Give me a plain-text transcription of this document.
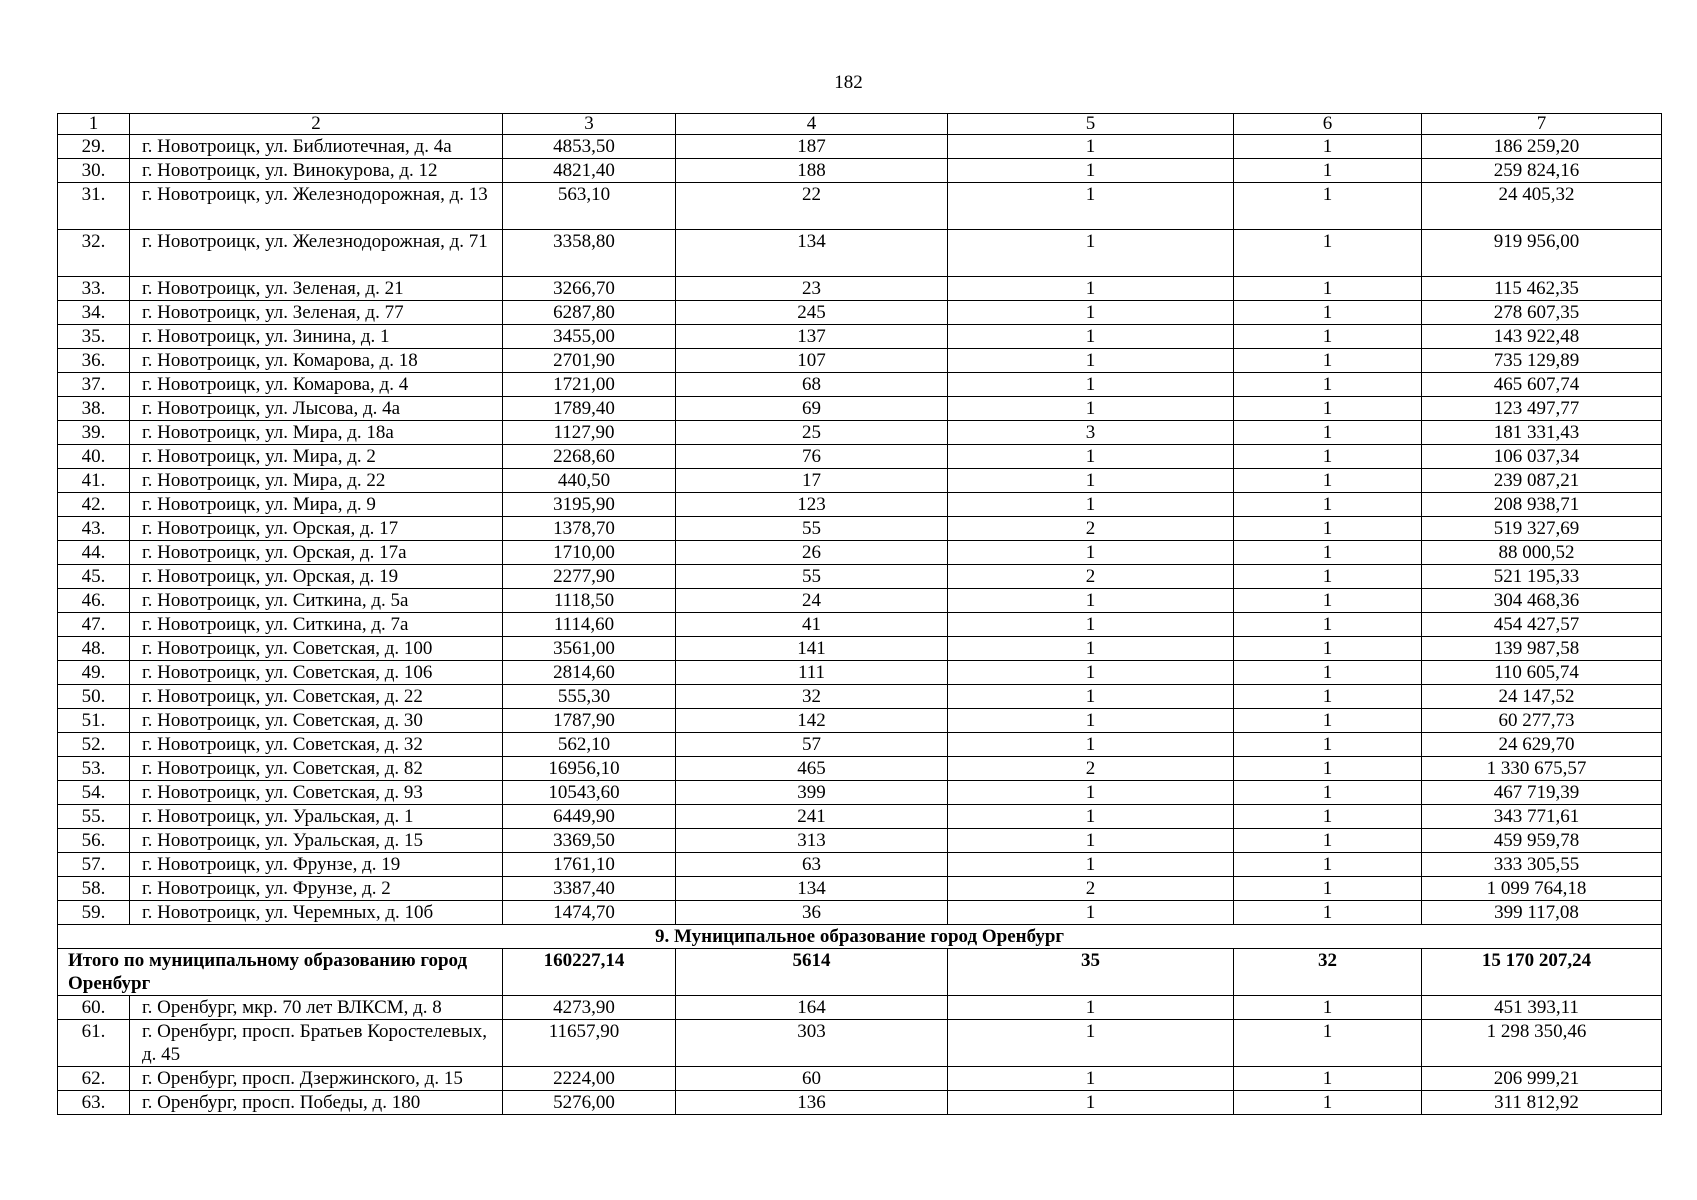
182
1	2	3	4	5	6	7
29.	г. Новотроицк, ул. Библиотечная, д. 4а	4853,50	187	1	1	186 259,20
30.	г. Новотроицк, ул. Винокурова, д. 12	4821,40	188	1	1	259 824,16
31.	г. Новотроицк, ул. Железнодорожная, д. 13	563,10	22	1	1	24 405,32
32.	г. Новотроицк, ул. Железнодорожная, д. 71	3358,80	134	1	1	919 956,00
33.	г. Новотроицк, ул. Зеленая, д. 21	3266,70	23	1	1	115 462,35
34.	г. Новотроицк, ул. Зеленая, д. 77	6287,80	245	1	1	278 607,35
35.	г. Новотроицк, ул. Зинина, д. 1	3455,00	137	1	1	143 922,48
36.	г. Новотроицк, ул. Комарова, д. 18	2701,90	107	1	1	735 129,89
37.	г. Новотроицк, ул. Комарова, д. 4	1721,00	68	1	1	465 607,74
38.	г. Новотроицк, ул. Лысова, д. 4а	1789,40	69	1	1	123 497,77
39.	г. Новотроицк, ул. Мира, д. 18а	1127,90	25	3	1	181 331,43
40.	г. Новотроицк, ул. Мира, д. 2	2268,60	76	1	1	106 037,34
41.	г. Новотроицк, ул. Мира, д. 22	440,50	17	1	1	239 087,21
42.	г. Новотроицк, ул. Мира, д. 9	3195,90	123	1	1	208 938,71
43.	г. Новотроицк, ул. Орская, д. 17	1378,70	55	2	1	519 327,69
44.	г. Новотроицк, ул. Орская, д. 17а	1710,00	26	1	1	88 000,52
45.	г. Новотроицк, ул. Орская, д. 19	2277,90	55	2	1	521 195,33
46.	г. Новотроицк, ул. Ситкина, д. 5а	1118,50	24	1	1	304 468,36
47.	г. Новотроицк, ул. Ситкина, д. 7а	1114,60	41	1	1	454 427,57
48.	г. Новотроицк, ул. Советская, д. 100	3561,00	141	1	1	139 987,58
49.	г. Новотроицк, ул. Советская, д. 106	2814,60	111	1	1	110 605,74
50.	г. Новотроицк, ул. Советская, д. 22	555,30	32	1	1	24 147,52
51.	г. Новотроицк, ул. Советская, д. 30	1787,90	142	1	1	60 277,73
52.	г. Новотроицк, ул. Советская, д. 32	562,10	57	1	1	24 629,70
53.	г. Новотроицк, ул. Советская, д. 82	16956,10	465	2	1	1 330 675,57
54.	г. Новотроицк, ул. Советская, д. 93	10543,60	399	1	1	467 719,39
55.	г. Новотроицк, ул. Уральская, д. 1	6449,90	241	1	1	343 771,61
56.	г. Новотроицк, ул. Уральская, д. 15	3369,50	313	1	1	459 959,78
57.	г. Новотроицк, ул. Фрунзе, д. 19	1761,10	63	1	1	333 305,55
58.	г. Новотроицк, ул. Фрунзе, д. 2	3387,40	134	2	1	1 099 764,18
59.	г. Новотроицк, ул. Черемных, д. 10б	1474,70	36	1	1	399 117,08
9. Муниципальное образование город Оренбург						
Итого по муниципальному образованию город Оренбург		160227,14	5614	35	32	15 170 207,24
60.	г. Оренбург, мкр. 70 лет ВЛКСМ, д. 8	4273,90	164	1	1	451 393,11
61.	г. Оренбург, просп. Братьев Коростелевых, д. 45	11657,90	303	1	1	1 298 350,46
62.	г. Оренбург, просп. Дзержинского, д. 15	2224,00	60	1	1	206 999,21
63.	г. Оренбург, просп. Победы, д. 180	5276,00	136	1	1	311 812,92
